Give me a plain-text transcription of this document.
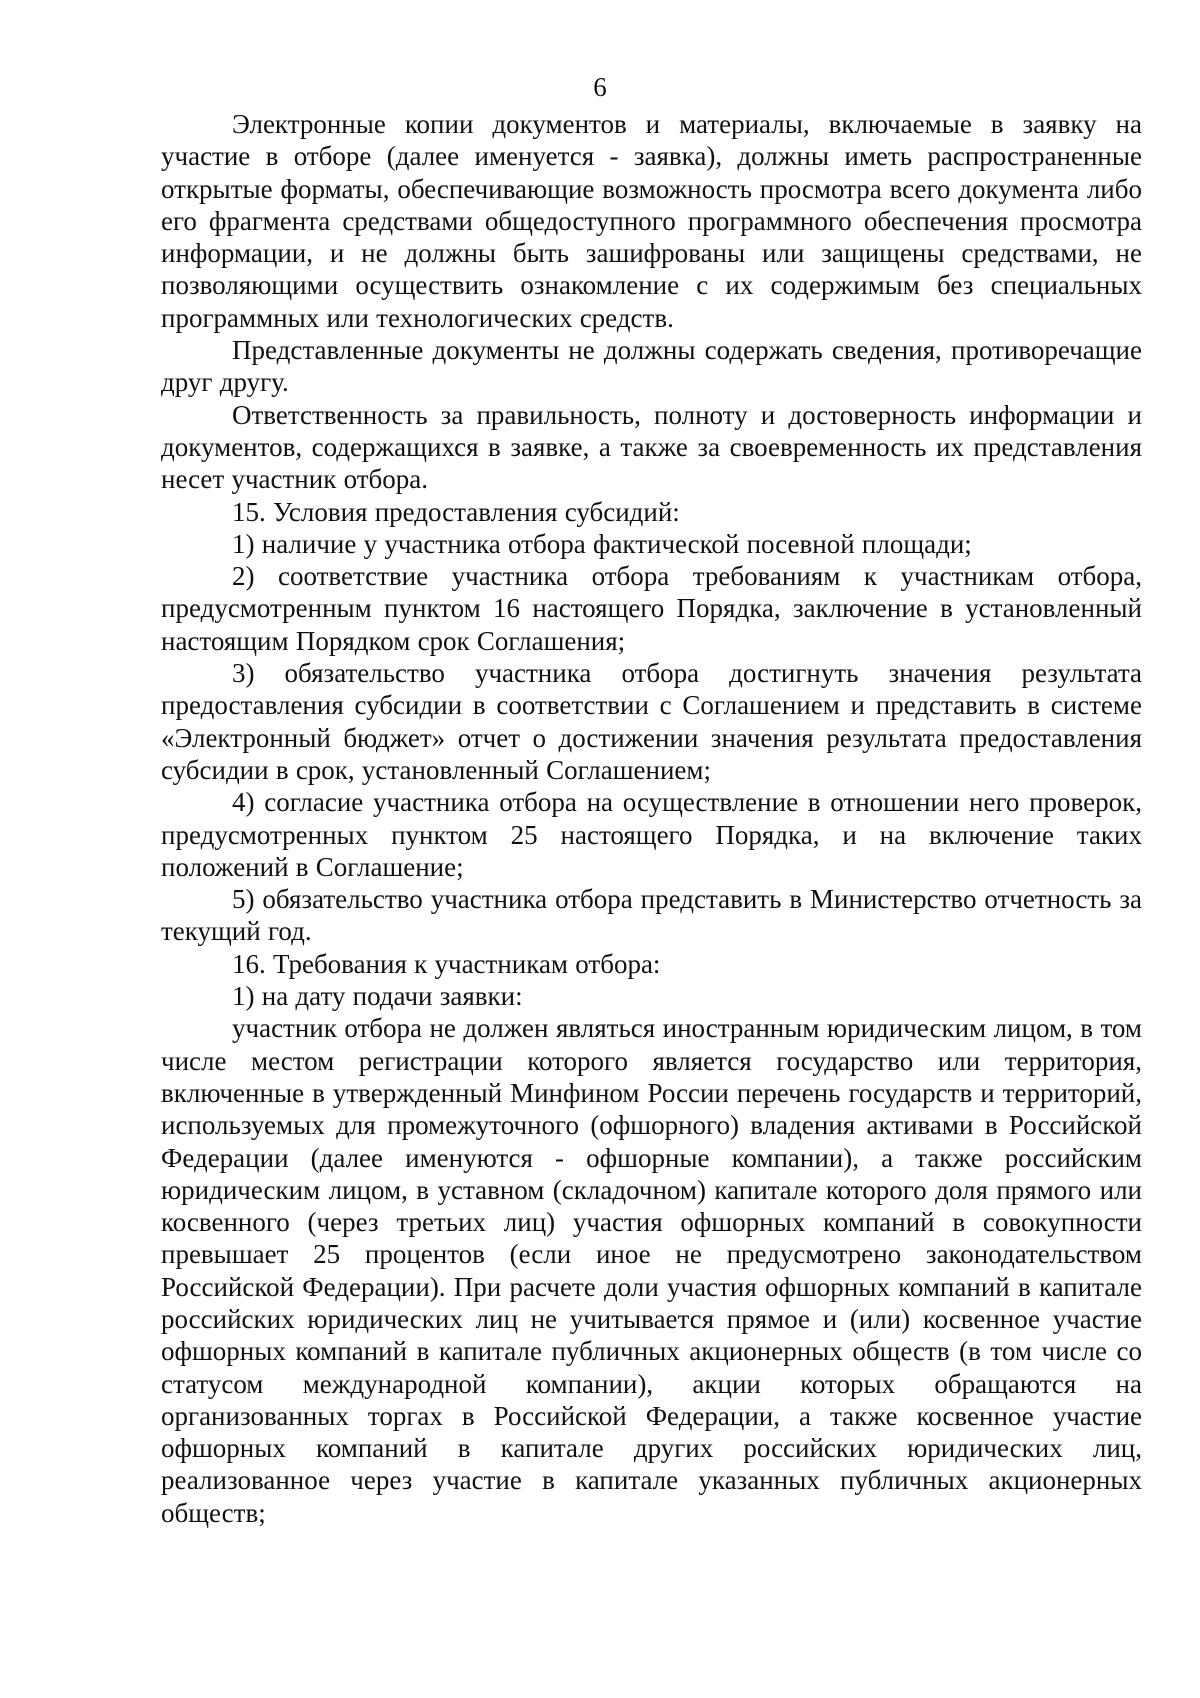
6

Электронные копии документов и материалы, включаемые в заявку на участие в отборе (далее именуется - заявка), должны иметь распространенные открытые форматы, обеспечивающие возможность просмотра всего документа либо его фрагмента средствами общедоступного программного обеспечения просмотра информации, и не должны быть зашифрованы или защищены средствами, не позволяющими осуществить ознакомление с их содержимым без специальных программных или технологических средств.

Представленные документы не должны содержать сведения, противоречащие друг другу.

Ответственность за правильность, полноту и достоверность информации и документов, содержащихся в заявке, а также за своевременность их представления несет участник отбора.

15. Условия предоставления субсидий:

1) наличие у участника отбора фактической посевной площади;

2) соответствие участника отбора требованиям к участникам отбора, предусмотренным пунктом 16 настоящего Порядка, заключение в установленный настоящим Порядком срок Соглашения;

3) обязательство участника отбора достигнуть значения результата предоставления субсидии в соответствии с Соглашением и представить в системе «Электронный бюджет» отчет о достижении значения результата предоставления субсидии в срок, установленный Соглашением;

4) согласие участника отбора на осуществление в отношении него проверок, предусмотренных пунктом 25 настоящего Порядка, и на включение таких положений в Соглашение;

5) обязательство участника отбора представить в Министерство отчетность за текущий год.

16. Требования к участникам отбора:

1) на дату подачи заявки:

участник отбора не должен являться иностранным юридическим лицом, в том числе местом регистрации которого является государство или территория, включенные в утвержденный Минфином России перечень государств и территорий, используемых для промежуточного (офшорного) владения активами в Российской Федерации (далее именуются - офшорные компании), а также российским юридическим лицом, в уставном (складочном) капитале которого доля прямого или косвенного (через третьих лиц) участия офшорных компаний в совокупности превышает 25 процентов (если иное не предусмотрено законодательством Российской Федерации). При расчете доли участия офшорных компаний в капитале российских юридических лиц не учитывается прямое и (или) косвенное участие офшорных компаний в капитале публичных акционерных обществ (в том числе со статусом международной компании), акции которых обращаются на организованных торгах в Российской Федерации, а также косвенное участие офшорных компаний в капитале других российских юридических лиц, реализованное через участие в капитале указанных публичных акционерных обществ;
